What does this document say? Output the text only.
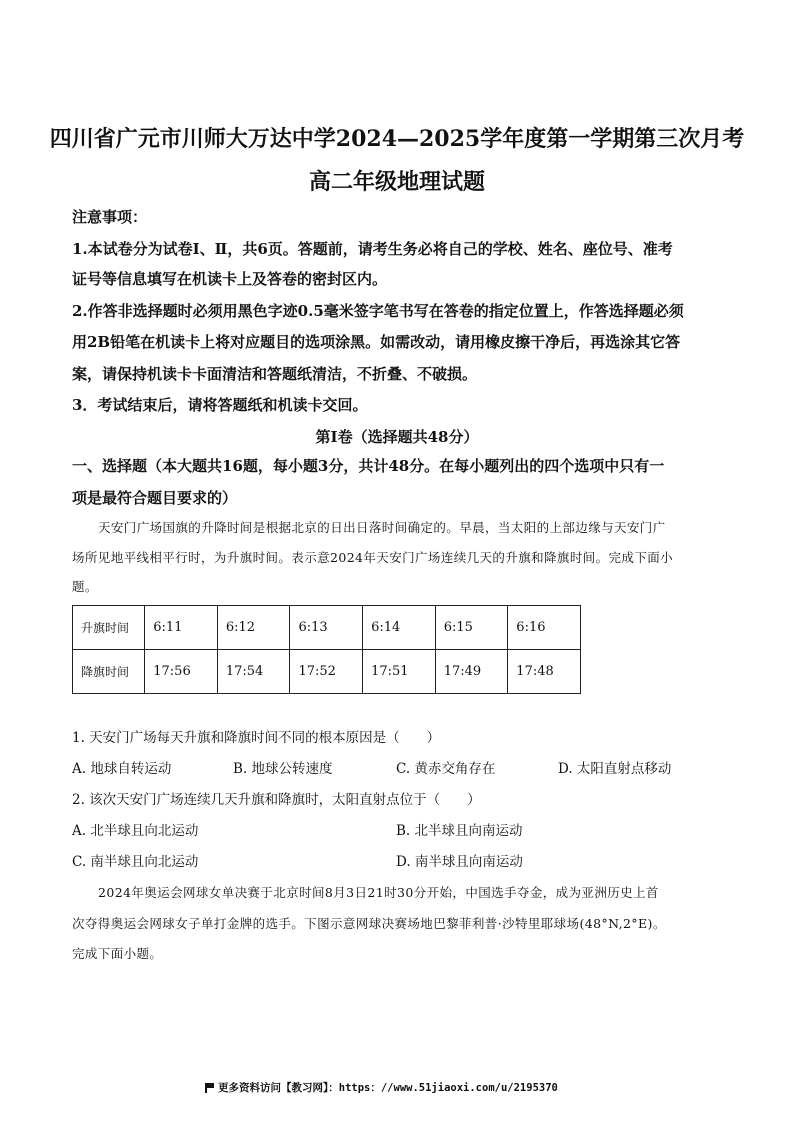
四川省广元市川师大万达中学2024—2025学年度第一学期第三次月考
高二年级地理试题
注意事项：
1.本试卷分为试卷Ⅰ、Ⅱ，共6页。答题前，请考生务必将自己的学校、姓名、座位号、准考
证号等信息填写在机读卡上及答卷的密封区内。
2.作答非选择题时必须用黑色字迹0.5毫米签字笔书写在答卷的指定位置上，作答选择题必须
用2B铅笔在机读卡上将对应题目的选项涂黑。如需改动，请用橡皮擦干净后，再选涂其它答
案，请保持机读卡卡面清洁和答题纸清洁，不折叠、不破损。
3．考试结束后，请将答题纸和机读卡交回。
第Ⅰ卷（选择题共48分）
一、选择题（本大题共16题，每小题3分，共计48分。在每小题列出的四个选项中只有一
项是最符合题目要求的）
天安门广场国旗的升降时间是根据北京的日出日落时间确定的。早晨，当太阳的上部边缘与天安门广
场所见地平线相平行时，为升旗时间。表示意2024年天安门广场连续几天的升旗和降旗时间。完成下面小
题。
升旗时间	6:11	6:12	6:13	6:14	6:15	6:16
降旗时间	17:56	17:54	17:52	17:51	17:49	17:48
1. 天安门广场每天升旗和降旗时间不同的根本原因是（　　）
A. 地球自转运动	B. 地球公转速度	C. 黄赤交角存在	D. 太阳直射点移动
2. 该次天安门广场连续几天升旗和降旗时，太阳直射点位于（　　）
A. 北半球且向北运动	B. 北半球且向南运动
C. 南半球且向北运动	D. 南半球且向南运动
2024年奥运会网球女单决赛于北京时间8月3日21时30分开始，中国选手夺金，成为亚洲历史上首
次夺得奥运会网球女子单打金牌的选手。下图示意网球决赛场地巴黎菲利普·沙特里耶球场(48°N,2°E)。
完成下面小题。
更多资料访问【教习网】：https：//www.51jiaoxi.com/u/2195370
